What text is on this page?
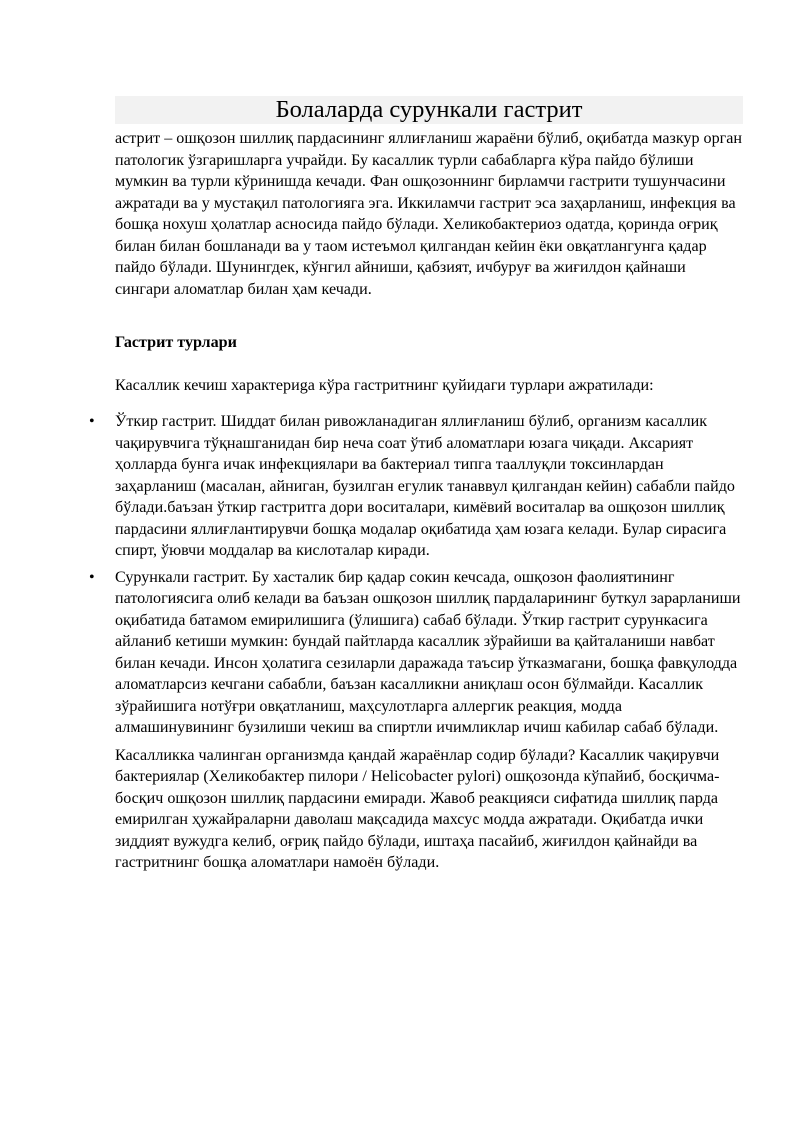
Болаларда сурункали гастрит

астрит – ошқозон шиллиқ пардасининг яллиғланиш жараёни бўлиб, оқибатда мазкур орган патологик ўзгаришларга учрайди. Бу касаллик турли сабабларга кўра пайдо бўлиши мумкин ва турли кўринишда кечади. Фан ошқозоннинг бирламчи гастрити тушунчасини ажратади ва у мустақил патологияга эга. Иккиламчи гастрит эса заҳарланиш, инфекция ва бошқа нохуш ҳолатлар асносида пайдо бўлади. Хеликобактериоз одатда, қоринда оғриқ билан билан бошланади ва у таом истеъмол қилгандан кейин ёки овқатлангунга қадар пайдо бўлади. Шунингдек, кўнгил айниши, қабзият, ичбуруғ ва жиғилдон қайнаши сингари аломатлар билан ҳам кечади.

Гастрит турлари

Касаллик кечиш характериga кўра гастритнинг қуйидаги турлари ажратилади:

• Ўткир гастрит. Шиддат билан ривожланадиган яллиғланиш бўлиб, организм касаллик чақирувчига тўқнашганидан бир неча соат ўтиб аломатлари юзага чиқади. Аксарият ҳолларда бунга ичак инфекциялари ва бактериал типга тааллуқли токсинлардан заҳарланиш (масалан, айниган, бузилган егулик танаввул қилгандан кейин) сабабли пайдо бўлади.баъзан ўткир гастритга дори воситалари, кимёвий воситалар ва ошқозон шиллиқ пардасини яллиғлантирувчи бошқа модалар оқибатида ҳам юзага келади. Булар сирасига спирт, ўювчи моддалар ва кислоталар киради.
• Сурункали гастрит. Бу хасталик бир қадар сокин кечсада, ошқозон фаолиятининг патологиясига олиб келади ва баъзан ошқозон шиллиқ пардаларининг буткул зарарланиши оқибатида батамом емирилишига (ўлишига) сабаб бўлади. Ўткир гастрит сурункасига айланиб кетиши мумкин: бундай пайтларда касаллик зўрайиши ва қайталаниши навбат билан кечади. Инсон ҳолатига сезиларли даражада таъсир ўтказмагани, бошқа фавқулодда аломатларсиз кечгани сабабли, баъзан касалликни аниқлаш осон бўлмайди. Касаллик зўрайишига нотўғри овқатланиш, маҳсулотларга аллергик реакция, модда алмашинувининг бузилиши чекиш ва спиртли ичимликлар ичиш кабилар сабаб бўлади.

Касалликка чалинган организмда қандай жараёнлар содир бўлади? Касаллик чақирувчи бактериялар (Хеликобактер пилори / Helicobacter pylori) ошқозонда кўпайиб, босқичма-босқич ошқозон шиллиқ пардасини емиради. Жавоб реакцияси сифатида шиллиқ парда емирилган ҳужайраларни даволаш мақсадида махсус модда ажратади. Оқибатда ички зиддият вужудга келиб, оғриқ пайдо бўлади, иштаҳа пасайиб, жиғилдон қайнайди ва гастритнинг бошқа аломатлари намоён бўлади.
